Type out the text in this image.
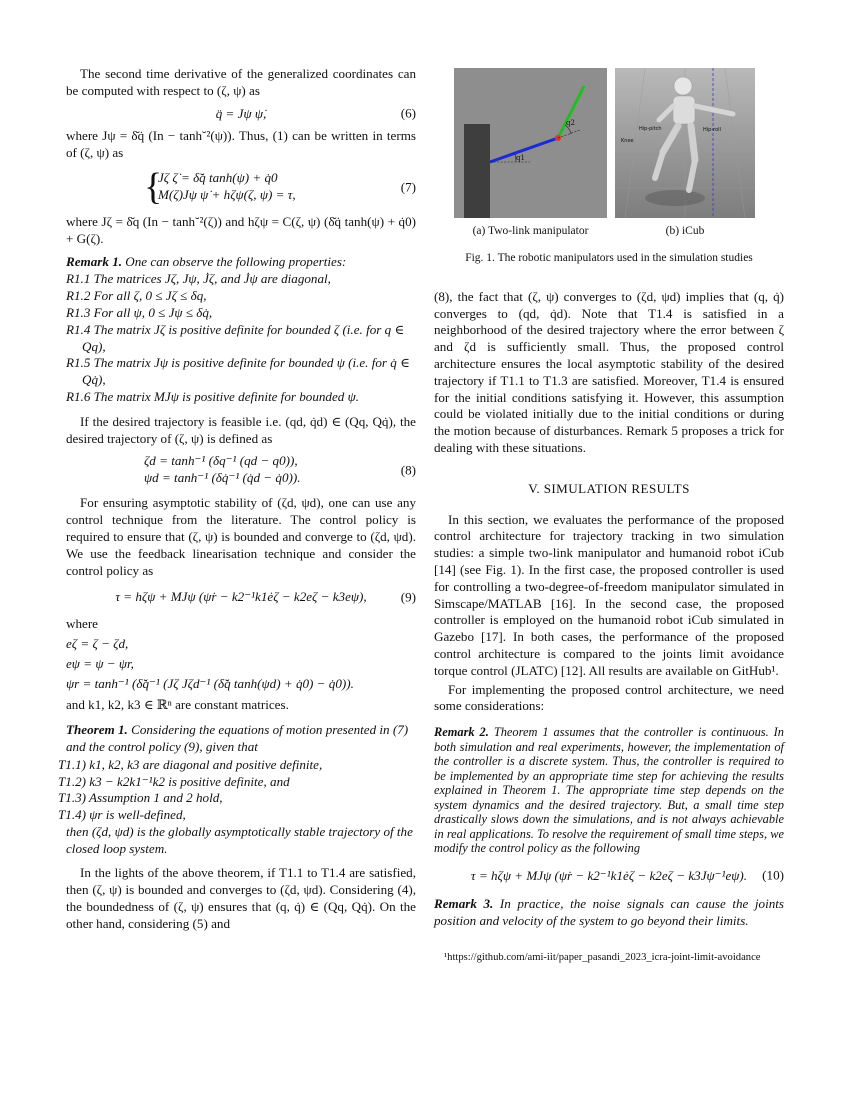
The second time derivative of the generalized coordinates can be computed with respect to (ζ, ψ) as

q̈ = Jψ ψ̇,	(6)

where Jψ = δ̆q̇ (In − tanh˘²(ψ)). Thus, (1) can be written in terms of (ζ, ψ) as

{
Jζ ζ̇ = δ̆q̇ tanh(ψ) + q̇0
M(ζ)Jψ ψ̇ + hζψ(ζ, ψ) = τ,	(7)

where Jζ = δ̆q (In − tanh˘²(ζ)) and hζψ = C(ζ, ψ) (δ̆q̇ tanh(ψ) + q̇0) + G(ζ).

Remark 1. One can observe the following properties:
R1.1 The matrices Jζ, Jψ, J̇ζ, and J̇ψ are diagonal,
R1.2 For all ζ, 0 ≤ Jζ ≤ δq,
R1.3 For all ψ, 0 ≤ Jψ ≤ δq̇,
R1.4 The matrix Jζ is positive definite for bounded ζ (i.e. for q ∈ Qq),
R1.5 The matrix Jψ is positive definite for bounded ψ (i.e. for q̇ ∈ Qq̇),
R1.6 The matrix MJψ is positive definite for bounded ψ.

If the desired trajectory is feasible i.e. (qd, q̇d) ∈ (Qq, Qq̇), the desired trajectory of (ζ, ψ) is defined as

ζd = tanh⁻¹ (δq⁻¹ (qd − q0)),
ψd = tanh⁻¹ (δq̇⁻¹ (q̇d − q̇0)).	(8)

For ensuring asymptotic stability of (ζd, ψd), one can use any control technique from the literature. The control policy is required to ensure that (ζ, ψ) is bounded and converge to (ζd, ψd). We use the feedback linearisation technique and consider the control policy as

τ = hζψ + MJψ (ψ̇r − k2⁻¹k1ėζ − k2eζ − k3eψ),	(9)

where

eζ = ζ − ζd,
eψ = ψ − ψr,
ψr = tanh⁻¹ (δ̆q̇⁻¹ (Jζ Jζd⁻¹ (δ̆q̇ tanh(ψd) + q̇0) − q̇0)).

and k1, k2, k3 ∈ ℝⁿ are constant matrices.

Theorem 1. Considering the equations of motion presented in (7) and the control policy (9), given that
T1.1) k1, k2, k3 are diagonal and positive definite,
T1.2) k3 − k2k1⁻¹k2 is positive definite, and
T1.3) Assumption 1 and 2 hold,
T1.4) ψr is well-defined,
then (ζd, ψd) is the globally asymptotically stable trajectory of the closed loop system.

In the lights of the above theorem, if T1.1 to T1.4 are satisfied, then (ζ, ψ) is bounded and converges to (ζd, ψd). Considering (4), the boundedness of (ζ, ψ) ensures that (q, q̇) ∈ (Qq, Qq̇). On the other hand, considering (5) and

q1
q2
Hip-pitch	Hip-roll
Knee
(a) Two-link manipulator	(b) iCub
Fig. 1. The robotic manipulators used in the simulation studies

(8), the fact that (ζ, ψ) converges to (ζd, ψd) implies that (q, q̇) converges to (qd, q̇d). Note that T1.4 is satisfied in a neighborhood of the desired trajectory where the error between ζ and ζd is sufficiently small. Thus, the proposed control architecture ensures the local asymptotic stability of the desired trajectory if T1.1 to T1.3 are satisfied. Moreover, T1.4 is ensured for the initial conditions satisfying it. However, this assumption could be violated initially due to the initial conditions or during the motion because of disturbances. Remark 5 proposes a trick for dealing with these situations.

V. SIMULATION RESULTS

In this section, we evaluates the performance of the proposed control architecture for trajectory tracking in two simulation studies: a simple two-link manipulator and humanoid robot iCub [14] (see Fig. 1). In the first case, the proposed controller is used for controlling a two-degree-of-freedom manipulator simulated in Simscape/MATLAB [16]. In the second case, the proposed controller is employed on the humanoid robot iCub simulated in Gazebo [17]. In both cases, the performance of the proposed control architecture is compared to the joints limit avoidance torque control (JLATC) [12]. All results are available on GitHub¹.

For implementing the proposed control architecture, we need some considerations:

Remark 2. Theorem 1 assumes that the controller is continuous. In both simulation and real experiments, however, the implementation of the controller is a discrete system. Thus, the controller is required to be implemented by an appropriate time step for achieving the results explained in Theorem 1. The appropriate time step depends on the system dynamics and the desired trajectory. But, a small time step drastically slows down the simulations, and is not always achievable in real applications. To resolve the requirement of small time steps, we modify the control policy as the following
τ = hζψ + MJψ (ψ̇r − k2⁻¹k1ėζ − k2eζ − k3Jψ⁻¹eψ). (10)
Remark 3. In practice, the noise signals can cause the joints position and velocity of the system to go beyond their limits.
¹https://github.com/ami-iit/paper_pasandi_2023_icra-joint-limit-avoidance
